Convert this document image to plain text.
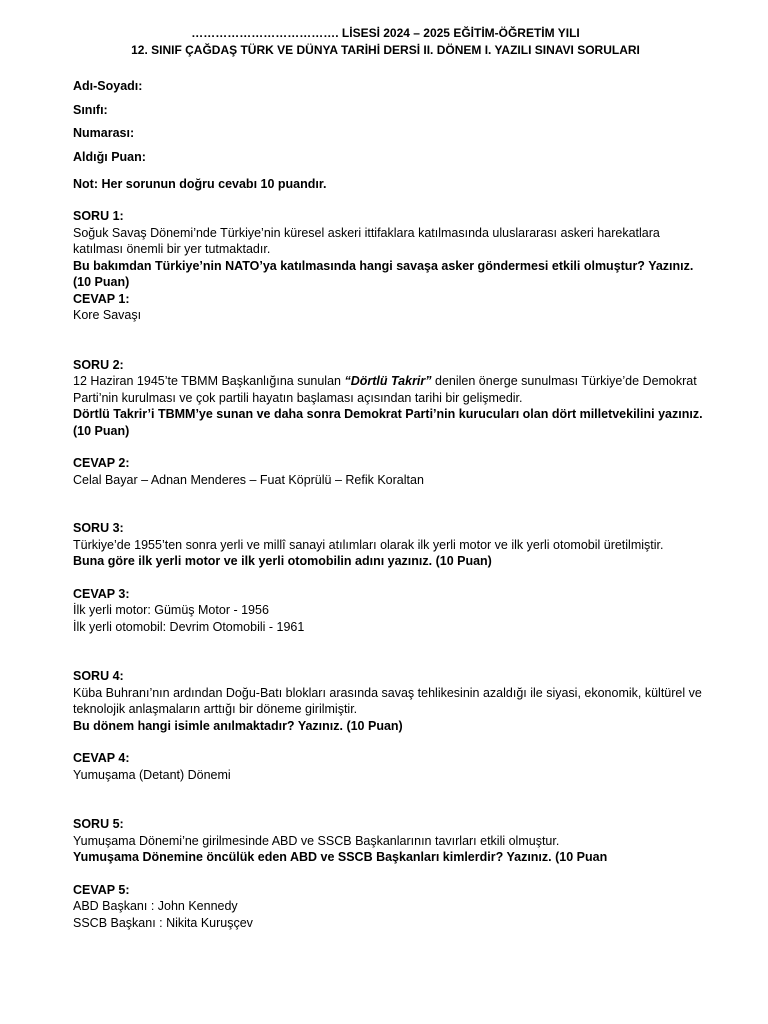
………………………………. LİSESİ 2024 – 2025 EĞİTİM-ÖĞRETİM YILI
12. SINIF ÇAĞDAŞ TÜRK VE DÜNYA TARİHİ DERSİ II. DÖNEM I. YAZILI SINAVI SORULARI
Adı-Soyadı:
Sınıfı:
Numarası:
Aldığı Puan:
Not: Her sorunun doğru cevabı 10 puandır.

SORU 1:

Soğuk Savaş Dönemi’nde Türkiye’nin küresel askeri ittifaklara katılmasında uluslararası askeri harekatlara katılması önemli bir yer tutmaktadır.

Bu bakımdan Türkiye’nin NATO’ya katılmasında hangi savaşa asker göndermesi etkili olmuştur? Yazınız. (10 Puan)

CEVAP 1:

Kore Savaşı

SORU 2:

12 Haziran 1945’te TBMM Başkanlığına sunulan “Dörtlü Takrir” denilen önerge sunulması Türkiye’de Demokrat Parti’nin kurulması ve çok partili hayatın başlaması açısından tarihi bir gelişmedir.

Dörtlü Takrir’i TBMM’ye sunan ve daha sonra Demokrat Parti’nin kurucuları olan dört milletvekilini yazınız. (10 Puan)

CEVAP 2:

Celal Bayar – Adnan Menderes – Fuat Köprülü – Refik Koraltan

SORU 3:

Türkiye’de 1955’ten sonra yerli ve millî sanayi atılımları olarak ilk yerli motor ve ilk yerli otomobil üretilmiştir.

Buna göre ilk yerli motor ve ilk yerli otomobilin adını yazınız. (10 Puan)

CEVAP 3:

İlk yerli motor: Gümüş Motor - 1956

İlk yerli otomobil: Devrim Otomobili - 1961

SORU 4:

Küba Buhranı’nın ardından Doğu-Batı blokları arasında savaş tehlikesinin azaldığı ile siyasi, ekonomik, kültürel ve teknolojik anlaşmaların arttığı bir döneme girilmiştir.

Bu dönem hangi isimle anılmaktadır? Yazınız. (10 Puan)

CEVAP 4:

Yumuşama (Detant) Dönemi

SORU 5:

Yumuşama Dönemi’ne girilmesinde ABD ve SSCB Başkanlarının tavırları etkili olmuştur.

Yumuşama Dönemine öncülük eden ABD ve SSCB Başkanları kimlerdir? Yazınız. (10 Puan

CEVAP 5:

ABD Başkanı : John Kennedy

SSCB Başkanı : Nikita Kuruşçev
